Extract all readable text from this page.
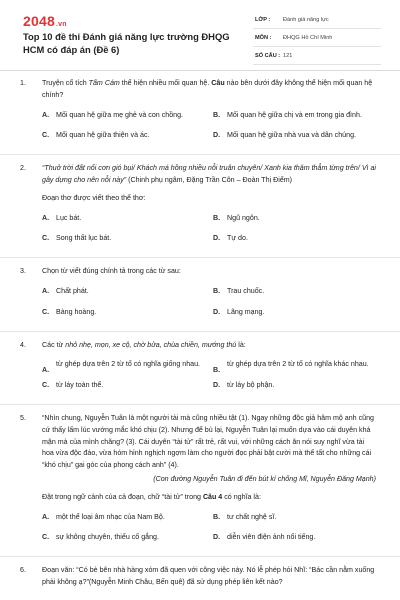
2048.vn
Top 10 đề thi Đánh giá năng lực trường ĐHQG HCM có đáp án (Đề 6)
LỚP : Đánh giá năng lực
MÔN : ĐHQG Hồ Chí Minh
SỐ CÂU : 121
1. Truyện cổ tích Tấm Cám thể hiện nhiều mối quan hệ. Câu nào bên dưới đây không thể hiện mối quan hệ chính?
A. Mối quan hệ giữa mẹ ghẻ và con chồng.	B. Mối quan hệ giữa chị và em trong gia đình.
C. Mối quan hệ giữa thiện và ác.	D. Mối quan hệ giữa nhà vua và dân chúng.
2. “Thuở trời đất nổi cơn gió bụi/ Khách má hồng nhiều nỗi truân chuyên/ Xanh kia thăm thẳm từng trên/ Vì ai gây dựng cho nên nỗi này” (Chinh phụ ngâm, Đặng Trần Côn – Đoàn Thị Điểm)
Đoạn thơ được viết theo thể thơ:
A. Lục bát.	B. Ngũ ngôn.
C. Song thất lục bát.	D. Tự do.
3. Chọn từ viết đúng chính tả trong các từ sau:
A. Chất phát.	B. Trau chuốc.
C. Bàng hoàng.	D. Lãng mạng.
4. Các từ nhỏ nhẹ, mọn, xe cộ, chờ bửa, chùa chiền, mướng thú là:
A.
từ ghép dựa trên 2 từ tố có nghĩa giống nhau.
B.
từ ghép dựa trên 2 từ tố có nghĩa khác nhau.
C. từ láy toàn thể.	D. từ láy bộ phận.
5. “Nhìn chung, Nguyễn Tuân là một người tài mà cũng nhiều tật (1). Ngay những độc giả hâm mộ anh cũng cứ thấy lấm lúc vướng mắc khó chịu (2). Nhưng để bù lại, Nguyễn Tuân lại muốn dựa vào cái duyên khá mặn mà của mình chăng? (3). Cái duyên “tài tử” rất trẻ, rất vui, với những cách ăn nói suy nghĩ vừa tài hoa vừa độc đáo, vừa hóm hỉnh nghịch ngợm làm cho người đọc phải bật cười mà thể tất cho những cái “khó chịu” gai góc của phong cách anh” (4).
(Con đường Nguyễn Tuân đi đến bút kí chống Mĩ, Nguyễn Đăng Mạnh)
Đặt trong ngữ cảnh của cả đoạn, chữ “tài tử” trong Câu 4 có nghĩa là:
A. một thể loại âm nhạc của Nam Bộ.	B. tư chất nghệ sĩ.
C. sự không chuyên, thiếu cố gắng.	D. diễn viên điện ảnh nổi tiếng.
6. Đoạn văn: “Có bè bên nhà hàng xóm đã quen với công việc này. Nó lễ phép hỏi Nhĩ: “Bác cần nằm xuống phải không ạ?”(Nguyễn Minh Châu, Bến quê) đã sử dụng phép liên kết nào?
